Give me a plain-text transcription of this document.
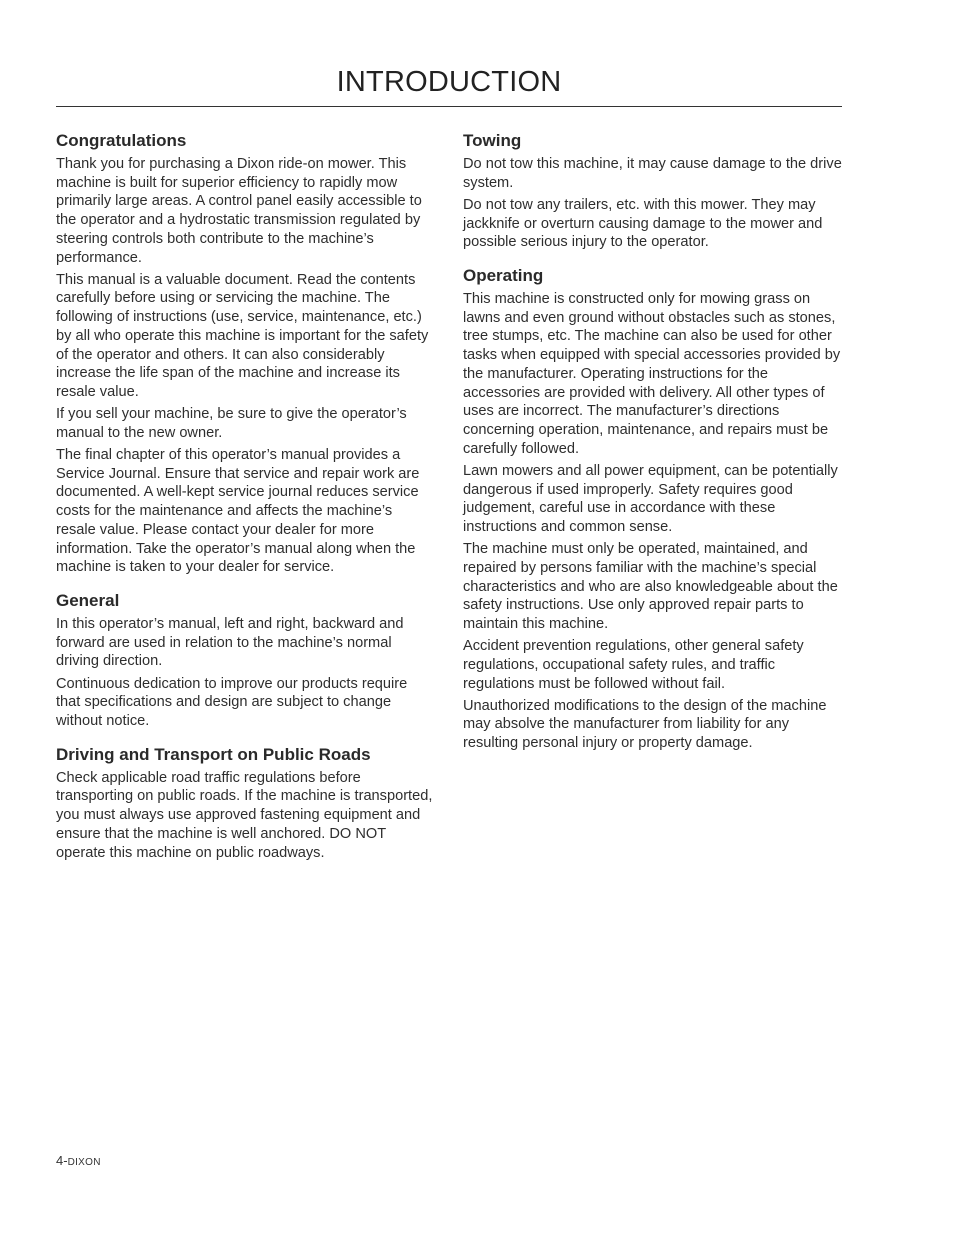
INTRODUCTION
Congratulations

Thank you for purchasing a Dixon ride-on mower. This machine is built for superior efficiency to rapidly mow primarily large areas. A control panel easily accessible to the operator and a hydrostatic transmission regulated by steering controls both contribute to the machine’s performance.

This manual is a valuable document. Read the contents carefully before using or servicing the machine. The following of instructions (use, service, maintenance, etc.) by all who operate this machine is important for the safety of the operator and others. It can also considerably increase the life span of the machine and increase its resale value.

If you sell your machine, be sure to give the operator’s manual to the new owner.

The final chapter of this operator’s manual provides a Service Journal. Ensure that service and repair work are documented. A well-kept service journal reduces service costs for the maintenance and affects the machine’s resale value. Please contact your dealer for more information. Take the operator’s manual along when the machine is taken to your dealer for service.

General

In this operator’s manual, left and right, backward and forward are used in relation to the machine’s normal driving direction.

Continuous dedication to improve our products require that specifications and design are subject to change without notice.

Driving and Transport on Public Roads

Check applicable road traffic regulations before transporting on public roads. If the machine is transported, you must always use approved fastening equipment and ensure that the machine is well anchored. DO NOT operate this machine on public roadways.

Towing

Do not tow this machine, it may cause damage to the drive system.

Do not tow any trailers, etc. with this mower. They may jackknife or overturn causing damage to the mower and possible serious injury to the operator.

Operating

This machine is constructed only for mowing grass on lawns and even ground without obstacles such as stones, tree stumps, etc. The machine can also be used for other tasks when equipped with special accessories provided by the manufacturer. Operating instructions for the accessories are provided with delivery. All other types of uses are incorrect. The manufacturer’s directions concerning operation, maintenance, and repairs must be carefully followed.

Lawn mowers and all power equipment, can be potentially dangerous if used improperly. Safety requires good judgement, careful use in accordance with these instructions and common sense.

The machine must only be operated, maintained, and repaired by persons familiar with the machine’s special characteristics and who are also knowledgeable about the safety instructions. Use only approved repair parts to maintain this machine.

Accident prevention regulations, other general safety regulations, occupational safety rules, and traffic regulations must be followed without fail.

Unauthorized modifications to the design of the machine may absolve the manufacturer from liability for any resulting personal injury or property damage.

4-DIXON
